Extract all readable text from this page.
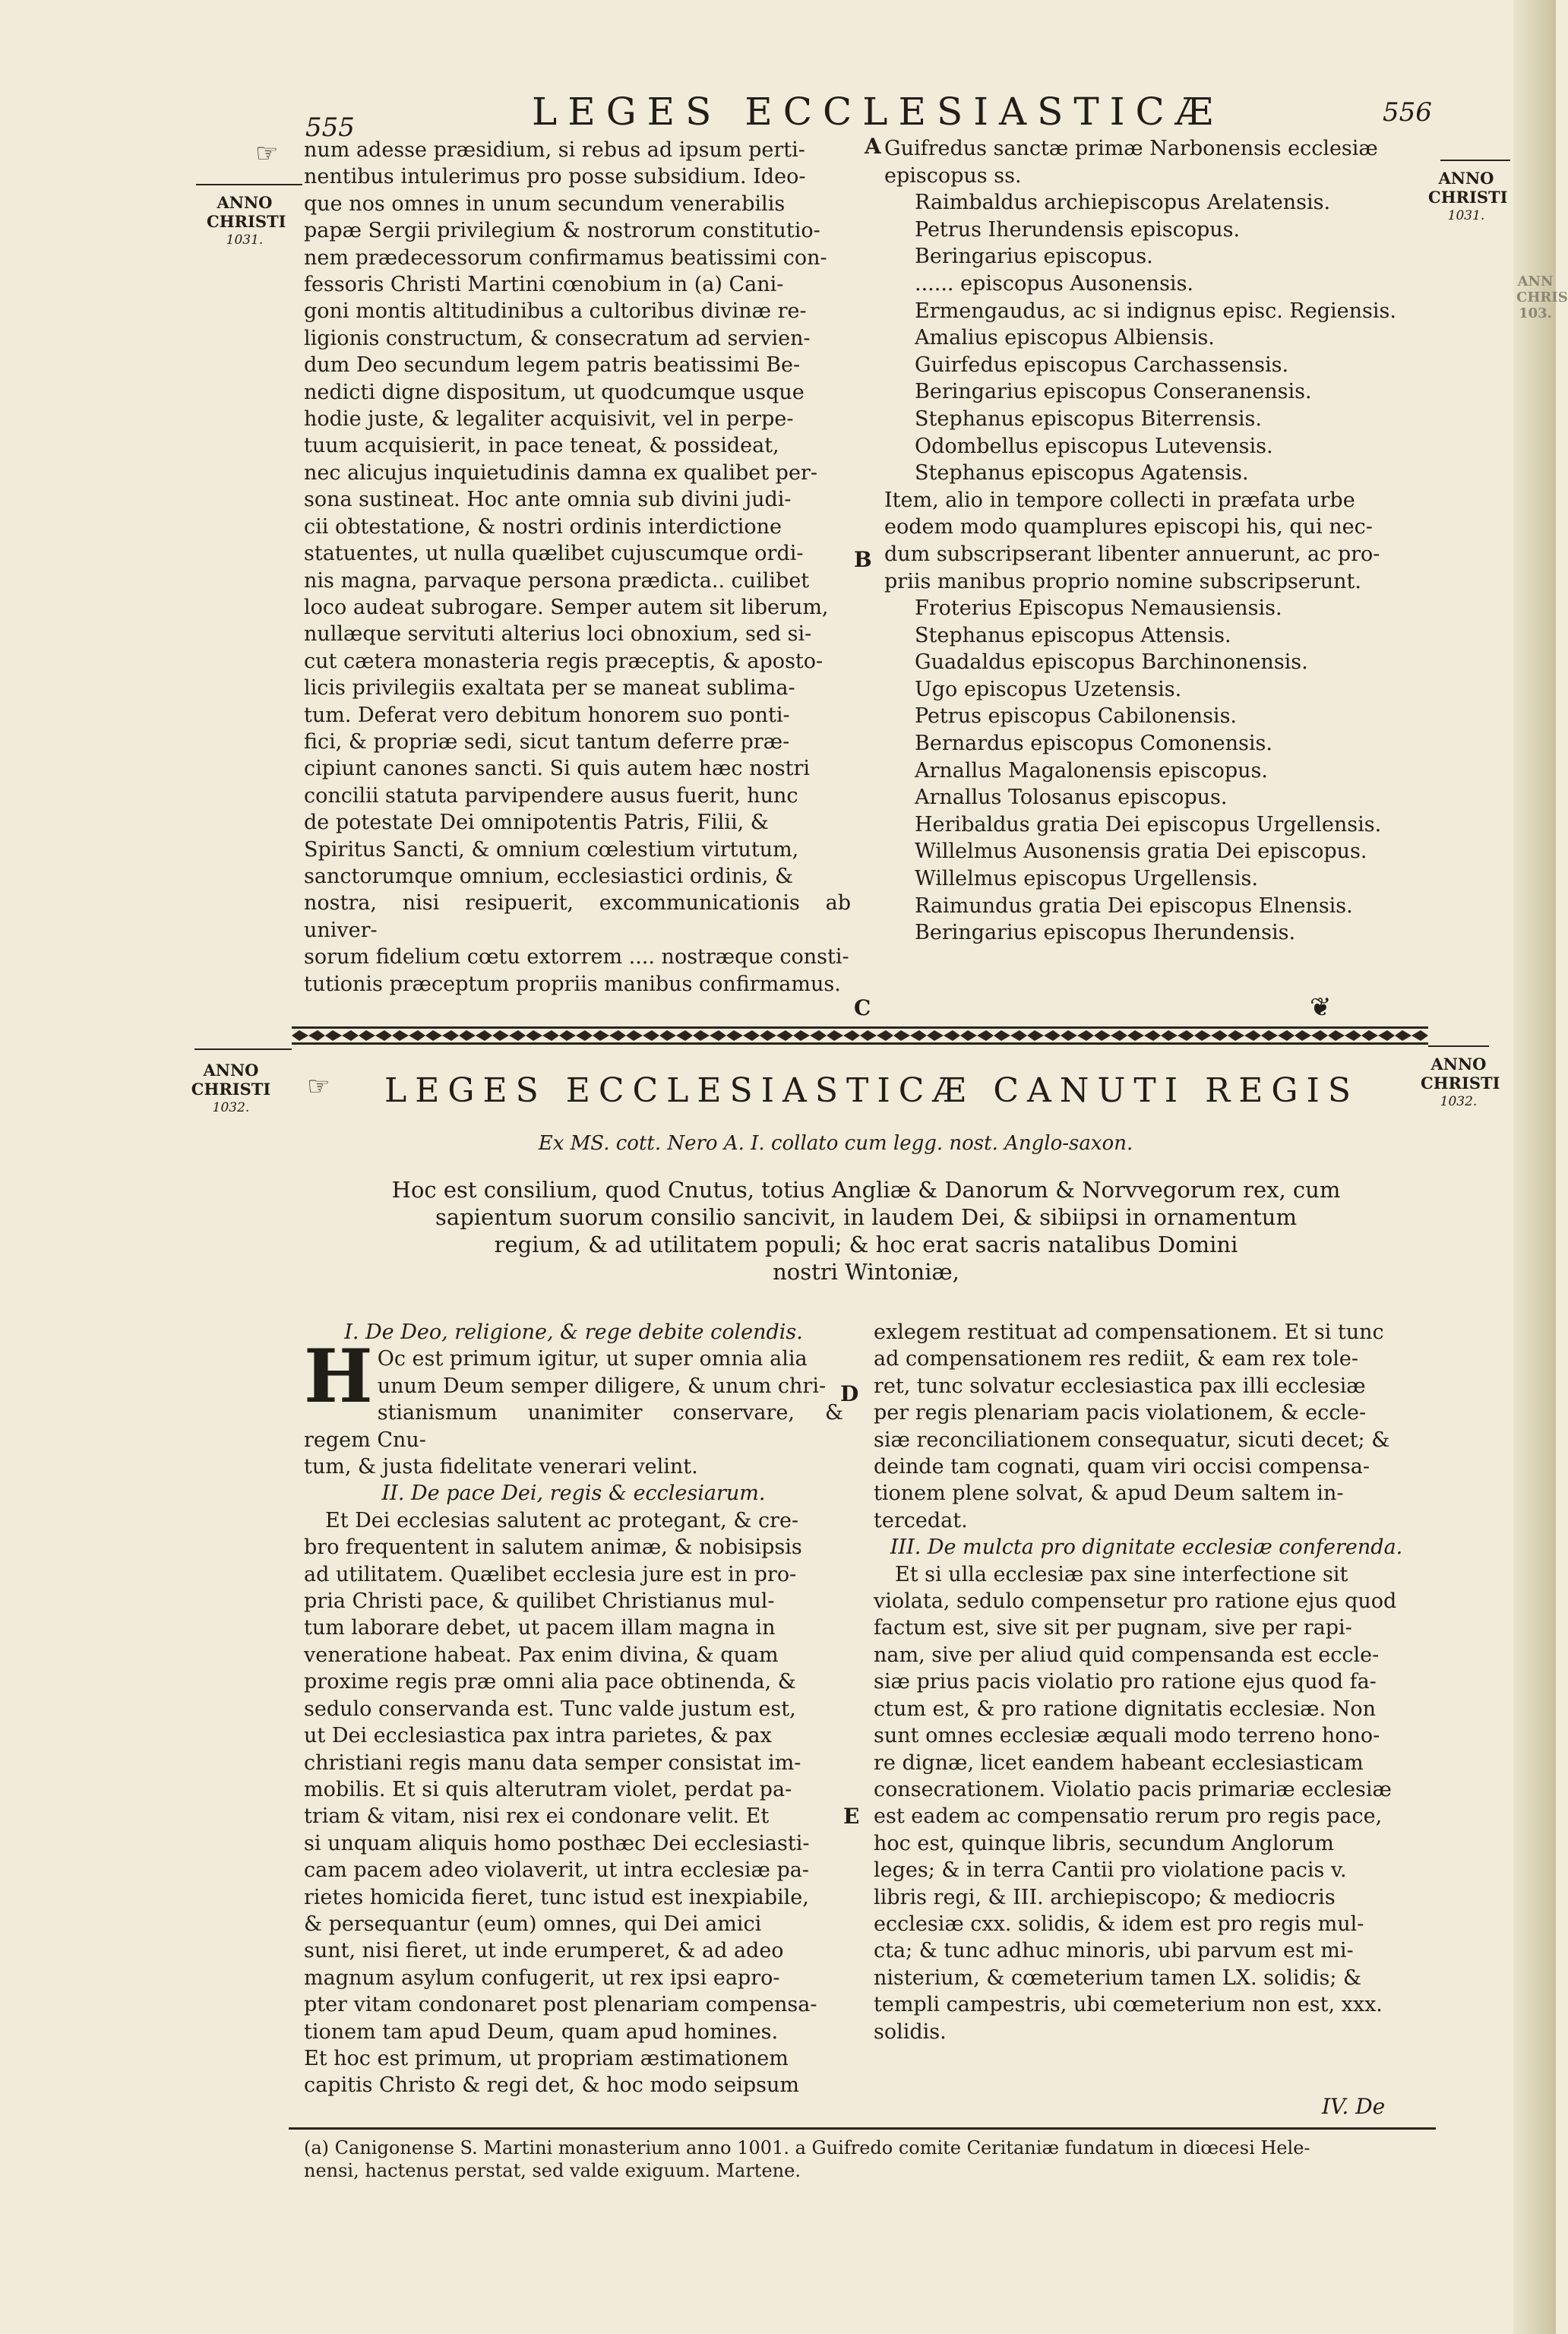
555	LEGES ECCLESIASTICÆ	556
ANNO
CHRISTI
1031.
ANNO
CHRISTI
1031.
ANNO
CHRISTI
1032.
ANNO
CHRISTI
1032.
☞
☞
❦
A
B
C
D
E

num adesse præsidium, si rebus ad ipsum perti-

nentibus intulerimus pro posse subsidium. Ideo-

que nos omnes in unum secundum venerabilis

papæ Sergii privilegium & nostrorum constitutio-

nem prædecessorum confirmamus beatissimi con-

fessoris Christi Martini cœnobium in (a) Cani-

goni montis altitudinibus a cultoribus divinæ re-

ligionis constructum, & consecratum ad servien-

dum Deo secundum legem patris beatissimi Be-

nedicti digne dispositum, ut quodcumque usque

hodie juste, & legaliter acquisivit, vel in perpe-

tuum acquisierit, in pace teneat, & possideat,

nec alicujus inquietudinis damna ex qualibet per-

sona sustineat. Hoc ante omnia sub divini judi-

cii obtestatione, & nostri ordinis interdictione

statuentes, ut nulla quælibet cujuscumque ordi-

nis magna, parvaque persona prædicta.. cuilibet

loco audeat subrogare. Semper autem sit liberum,

nullæque servituti alterius loci obnoxium, sed si-

cut cætera monasteria regis præceptis, & aposto-

licis privilegiis exaltata per se maneat sublima-

tum. Deferat vero debitum honorem suo ponti-

fici, & propriæ sedi, sicut tantum deferre præ-

cipiunt canones sancti. Si quis autem hæc nostri

concilii statuta parvipendere ausus fuerit, hunc

de potestate Dei omnipotentis Patris, Filii, &

Spiritus Sancti, & omnium cœlestium virtutum,

sanctorumque omnium, ecclesiastici ordinis, &

nostra, nisi resipuerit, excommunicationis ab univer-

sorum fidelium cœtu extorrem .... nostræque consti-

tutionis præceptum propriis manibus confirmamus.

Guifredus sanctæ primæ Narbonensis ecclesiæ
episcopus ss.
Raimbaldus archiepiscopus Arelatensis.
Petrus Iherundensis episcopus.
Beringarius episcopus.
...... episcopus Ausonensis.
Ermengaudus, ac si indignus episc. Regiensis.
Amalius episcopus Albiensis.
Guirfedus episcopus Carchassensis.
Beringarius episcopus Conseranensis.
Stephanus episcopus Biterrensis.
Odombellus episcopus Lutevensis.
Stephanus episcopus Agatensis.
Item, alio in tempore collecti in præfata urbe
eodem modo quamplures episcopi his, qui nec-
dum subscripserant libenter annuerunt, ac pro-
priis manibus proprio nomine subscripserunt.
Froterius Episcopus Nemausiensis.
Stephanus episcopus Attensis.
Guadaldus episcopus Barchinonensis.
Ugo episcopus Uzetensis.
Petrus episcopus Cabilonensis.
Bernardus episcopus Comonensis.
Arnallus Magalonensis episcopus.
Arnallus Tolosanus episcopus.
Heribaldus gratia Dei episcopus Urgellensis.
Willelmus Ausonensis gratia Dei episcopus.
Willelmus episcopus Urgellensis.
Raimundus gratia Dei episcopus Elnensis.
Beringarius episcopus Iherundensis.
LEGES ECCLESIASTICÆ CANUTI REGIS
Ex MS. cott. Nero A. I. collato cum legg. nost. Anglo-saxon.
Hoc est consilium, quod Cnutus, totius Angliæ & Danorum & Norvvegorum rex, cum
sapientum suorum consilio sancivit, in laudem Dei, & sibiipsi in ornamentum
regium, & ad utilitatem populi; & hoc erat sacris natalibus Domini
nostri Wintoniæ,

I. De Deo, religione, & rege debite colendis.

H Oc est primum igitur, ut super omnia alia

unum Deum semper diligere, & unum chri-

stianismum unanimiter conservare, & regem Cnu-

tum, & justa fidelitate venerari velint.

II. De pace Dei, regis & ecclesiarum.

Et Dei ecclesias salutent ac protegant, & cre-

bro frequentent in salutem animæ, & nobisipsis

ad utilitatem. Quælibet ecclesia jure est in pro-

pria Christi pace, & quilibet Christianus mul-

tum laborare debet, ut pacem illam magna in

veneratione habeat. Pax enim divina, & quam

proxime regis præ omni alia pace obtinenda, &

sedulo conservanda est. Tunc valde justum est,

ut Dei ecclesiastica pax intra parietes, & pax

christiani regis manu data semper consistat im-

mobilis. Et si quis alterutram violet, perdat pa-

triam & vitam, nisi rex ei condonare velit. Et

si unquam aliquis homo posthæc Dei ecclesiasti-

cam pacem adeo violaverit, ut intra ecclesiæ pa-

rietes homicida fieret, tunc istud est inexpiabile,

& persequantur (eum) omnes, qui Dei amici

sunt, nisi fieret, ut inde erumperet, & ad adeo

magnum asylum confugerit, ut rex ipsi eapro-

pter vitam condonaret post plenariam compensa-

tionem tam apud Deum, quam apud homines.

Et hoc est primum, ut propriam æstimationem

capitis Christo & regi det, & hoc modo seipsum

exlegem restituat ad compensationem. Et si tunc

ad compensationem res rediit, & eam rex tole-

ret, tunc solvatur ecclesiastica pax illi ecclesiæ

per regis plenariam pacis violationem, & eccle-

siæ reconciliationem consequatur, sicuti decet; &

deinde tam cognati, quam viri occisi compensa-

tionem plene solvat, & apud Deum saltem in-

tercedat.

III. De mulcta pro dignitate ecclesiæ conferenda.

Et si ulla ecclesiæ pax sine interfectione sit

violata, sedulo compensetur pro ratione ejus quod

factum est, sive sit per pugnam, sive per rapi-

nam, sive per aliud quid compensanda est eccle-

siæ prius pacis violatio pro ratione ejus quod fa-

ctum est, & pro ratione dignitatis ecclesiæ. Non

sunt omnes ecclesiæ æquali modo terreno hono-

re dignæ, licet eandem habeant ecclesiasticam

consecrationem. Violatio pacis primariæ ecclesiæ

est eadem ac compensatio rerum pro regis pace,

hoc est, quinque libris, secundum Anglorum

leges; & in terra Cantii pro violatione pacis v.

libris regi, & III. archiepiscopo; & mediocris

ecclesiæ cxx. solidis, & idem est pro regis mul-

cta; & tunc adhuc minoris, ubi parvum est mi-

nisterium, & cœmeterium tamen LX. solidis; &

templi campestris, ubi cœmeterium non est, xxx.

solidis.

IV. De
(a) Canigonense S. Martini monasterium anno 1001. a Guifredo comite Ceritaniæ fundatum in diœcesi Hele-
nensi, hactenus perstat, sed valde exiguum. Martene.
ANN
CHRIS
103.
